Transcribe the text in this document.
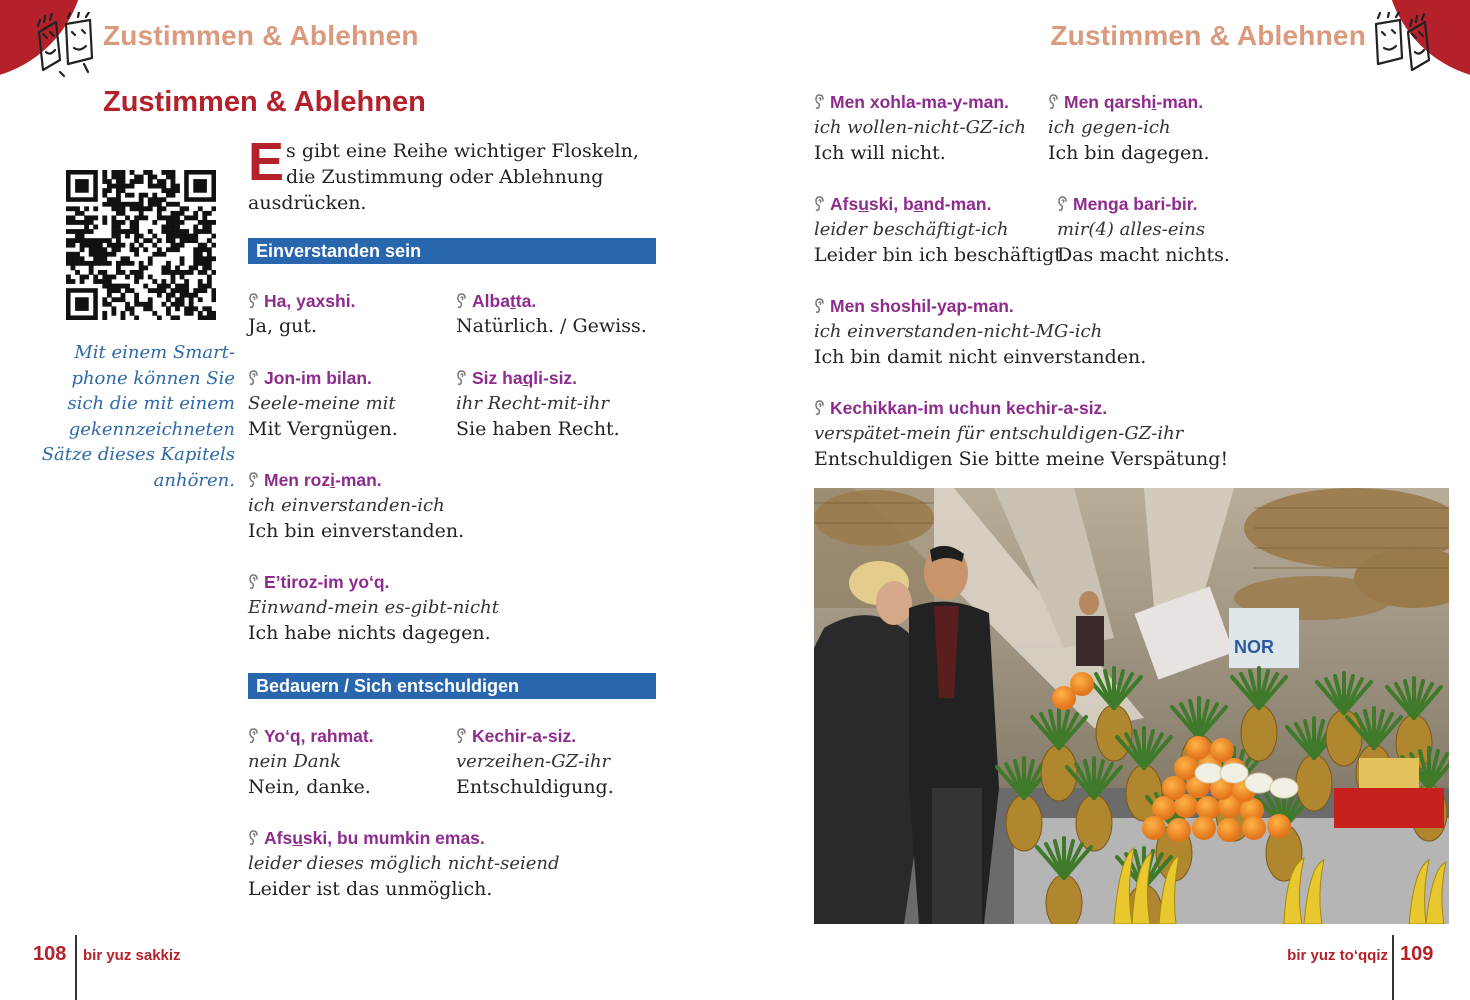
Zustimmen & Ablehnen	Zustimmen & Ablehnen
Zustimmen & Ablehnen
Es gibt eine Reihe wichtiger Floskeln, die Zustimmung oder Ablehnung ausdrücken.
Mit einem Smart-
phone können Sie
sich die mit einem
gekennzeichneten
Sätze dieses Kapitels
anhören.
Einverstanden sein
Bedauern / Sich entschuldigen
Ha, yaxshi.
Ja, gut.
Albatta.
Natürlich. / Gewiss.
Jon-im bilan.
Seele-meine mit
Mit Vergnügen.
Siz haqli-siz.
ihr Recht-mit-ihr
Sie haben Recht.
Men rozi-man.
ich einverstanden-ich
Ich bin einverstanden.
E’tiroz-im yo‘q.
Einwand-mein es-gibt-nicht
Ich habe nichts dagegen.
Yo‘q, rahmat.
nein Dank
Nein, danke.
Kechir-a-siz.
verzeihen-GZ-ihr
Entschuldigung.
Afsuski, bu mumkin emas.
leider dieses möglich nicht-seiend
Leider ist das unmöglich.
Men xohla-ma-y-man.
ich wollen-nicht-GZ-ich
Ich will nicht.
Men qarshi-man.
ich gegen-ich
Ich bin dagegen.
Afsuski, band-man.
leider beschäftigt-ich
Leider bin ich beschäftigt.
Menga bari-bir.
mir(4) alles-eins
Das macht nichts.
Men shoshil-yap-man.
ich einverstanden-nicht-MG-ich
Ich bin damit nicht einverstanden.
Kechikkan-im uchun kechir-a-siz.
verspätet-mein für entschuldigen-GZ-ihr
Entschuldigen Sie bitte meine Verspätung!
NOR
108 bir yuz sakkiz	bir yuz to‘qqiz 109
